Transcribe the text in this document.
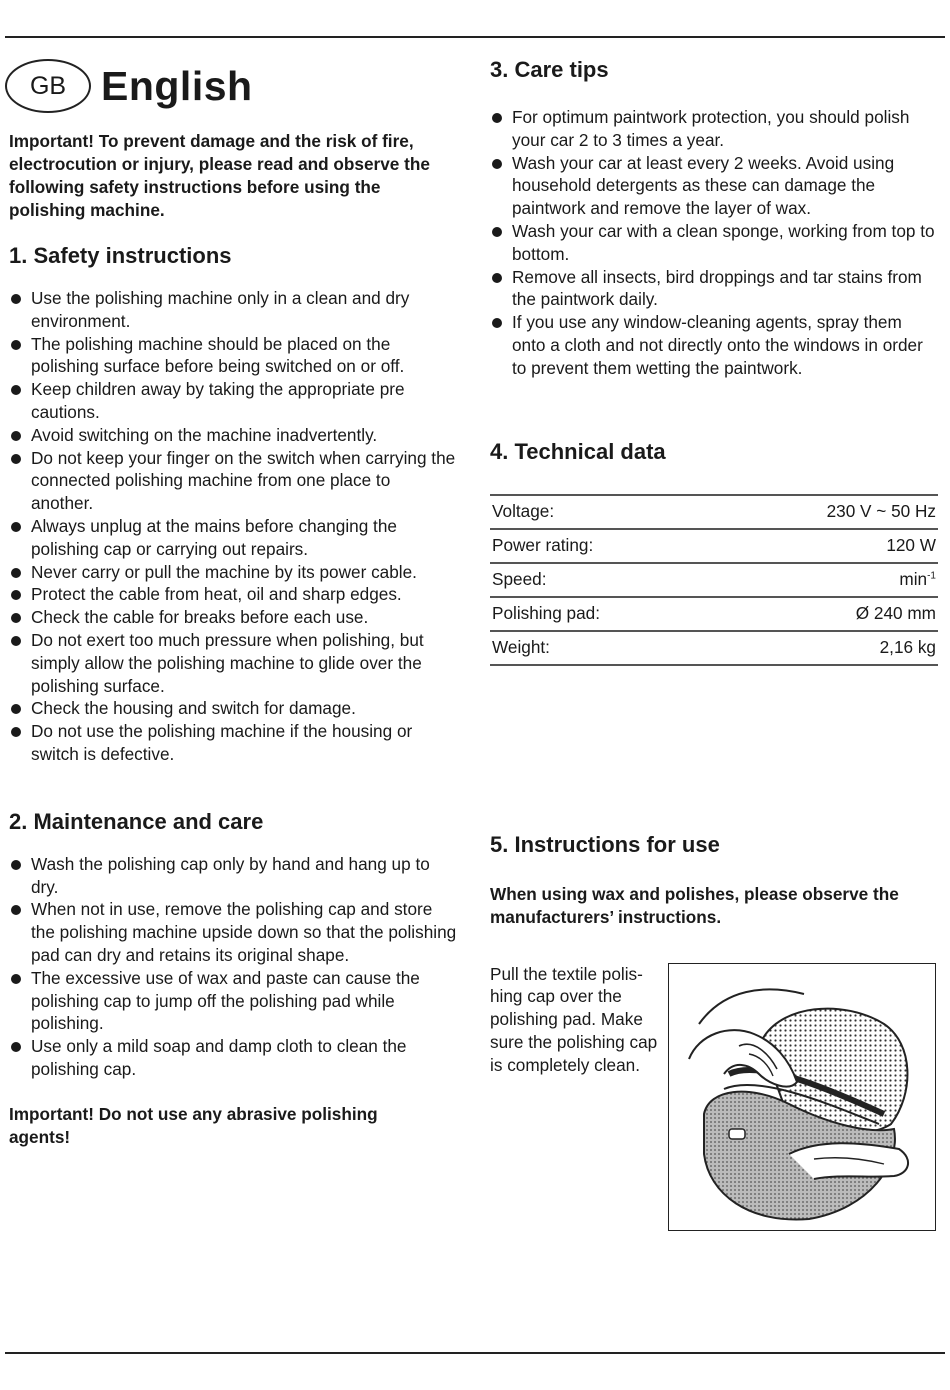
GB English

Important! To prevent damage and the risk of fire, electrocution or injury, please read and observe the following safety instructions before using the polishing machine.

1. Safety instructions
Use the polishing machine only in a clean and dry environment.
The polishing machine should be placed on the polishing surface before being switched on or off.
Keep children away by taking the appropriate pre cautions.
Avoid switching on the machine inadvertently.
Do not keep your finger on the switch when carrying the connected polishing machine from one place to another.
Always unplug at the mains before changing the polishing cap or carrying out repairs.
Never carry or pull the machine by its power cable.
Protect the cable from heat, oil and sharp edges.
Check the cable for breaks before each use.
Do not exert too much pressure when polishing, but simply allow the polishing machine to glide over the polishing surface.
Check the housing and switch for damage.
Do not use the polishing machine if the housing or switch is defective.
2. Maintenance and care
Wash the polishing cap only by hand and hang up to dry.
When not in use, remove the polishing cap and store the polishing machine upside down so that the polishing pad can dry and retains its original shape.
The excessive use of wax and paste can cause the polishing cap to jump off the polishing pad while polishing.
Use only a mild soap and damp cloth to clean the polishing cap.

Important! Do not use any abrasive polishing agents!

3. Care tips
For optimum paintwork protection, you should polish your car 2 to 3 times a year.
Wash your car at least every 2 weeks. Avoid using household detergents as these can damage the paintwork and remove the layer of wax.
Wash your car with a clean sponge, working from top to bottom.
Remove all insects, bird droppings and tar stains from the paintwork daily.
If you use any window-cleaning agents, spray them onto a cloth and not directly onto the windows in order to prevent them wetting the paintwork.
4. Technical data
Voltage:	230 V ~ 50 Hz
Power rating:	120 W
Speed:	$\min^{-1}$
Polishing pad:	Ø 240 mm
Weight:	2,16 kg
5. Instructions for use

When using wax and polishes, please observe the manufacturers’ instructions.

Pull the textile polis-hing cap over the polishing pad. Make sure the polishing cap is completely clean.
